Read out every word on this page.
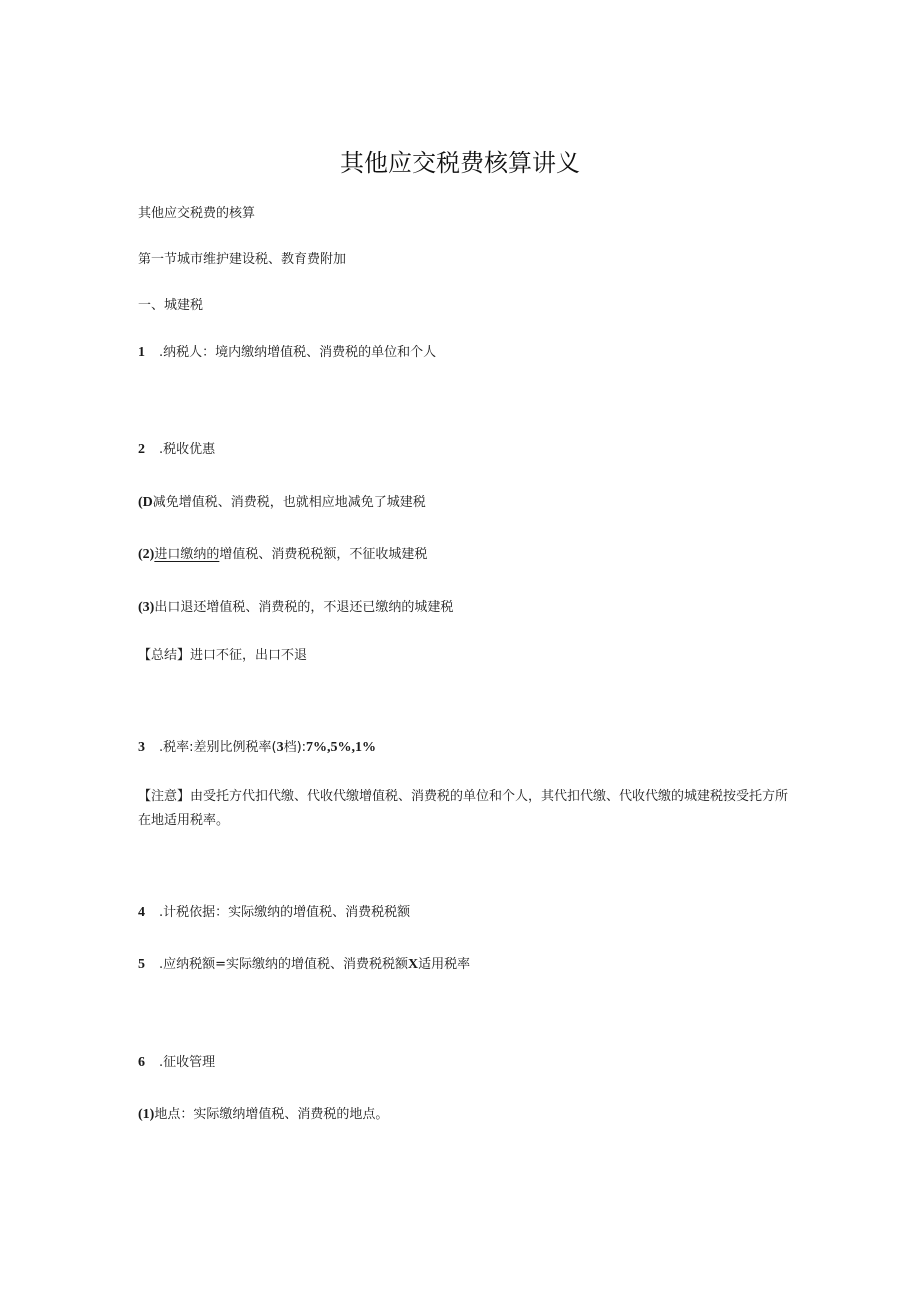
其他应交税费核算讲义
其他应交税费的核算
第一节城市维护建设税、教育费附加
一、城建税
1 .纳税人：境内缴纳增值税、消费税的单位和个人
2 .税收优惠
(D减免增值税、消费税，也就相应地减免了城建税
(2)进口缴纳的增值税、消费税税额，不征收城建税
(3)出口退还增值税、消费税的，不退还已缴纳的城建税
【总结】进口不征，出口不退
3 .税率:差别比例税率(3档):7%,5%,1%
【注意】由受托方代扣代缴、代收代缴增值税、消费税的单位和个人，其代扣代缴、代收代缴的城建税按受托方所在地适用税率。
4 .计税依据：实际缴纳的增值税、消费税税额
5 .应纳税额=实际缴纳的增值税、消费税税额X适用税率
6 .征收管理
(1)地点：实际缴纳增值税、消费税的地点。
